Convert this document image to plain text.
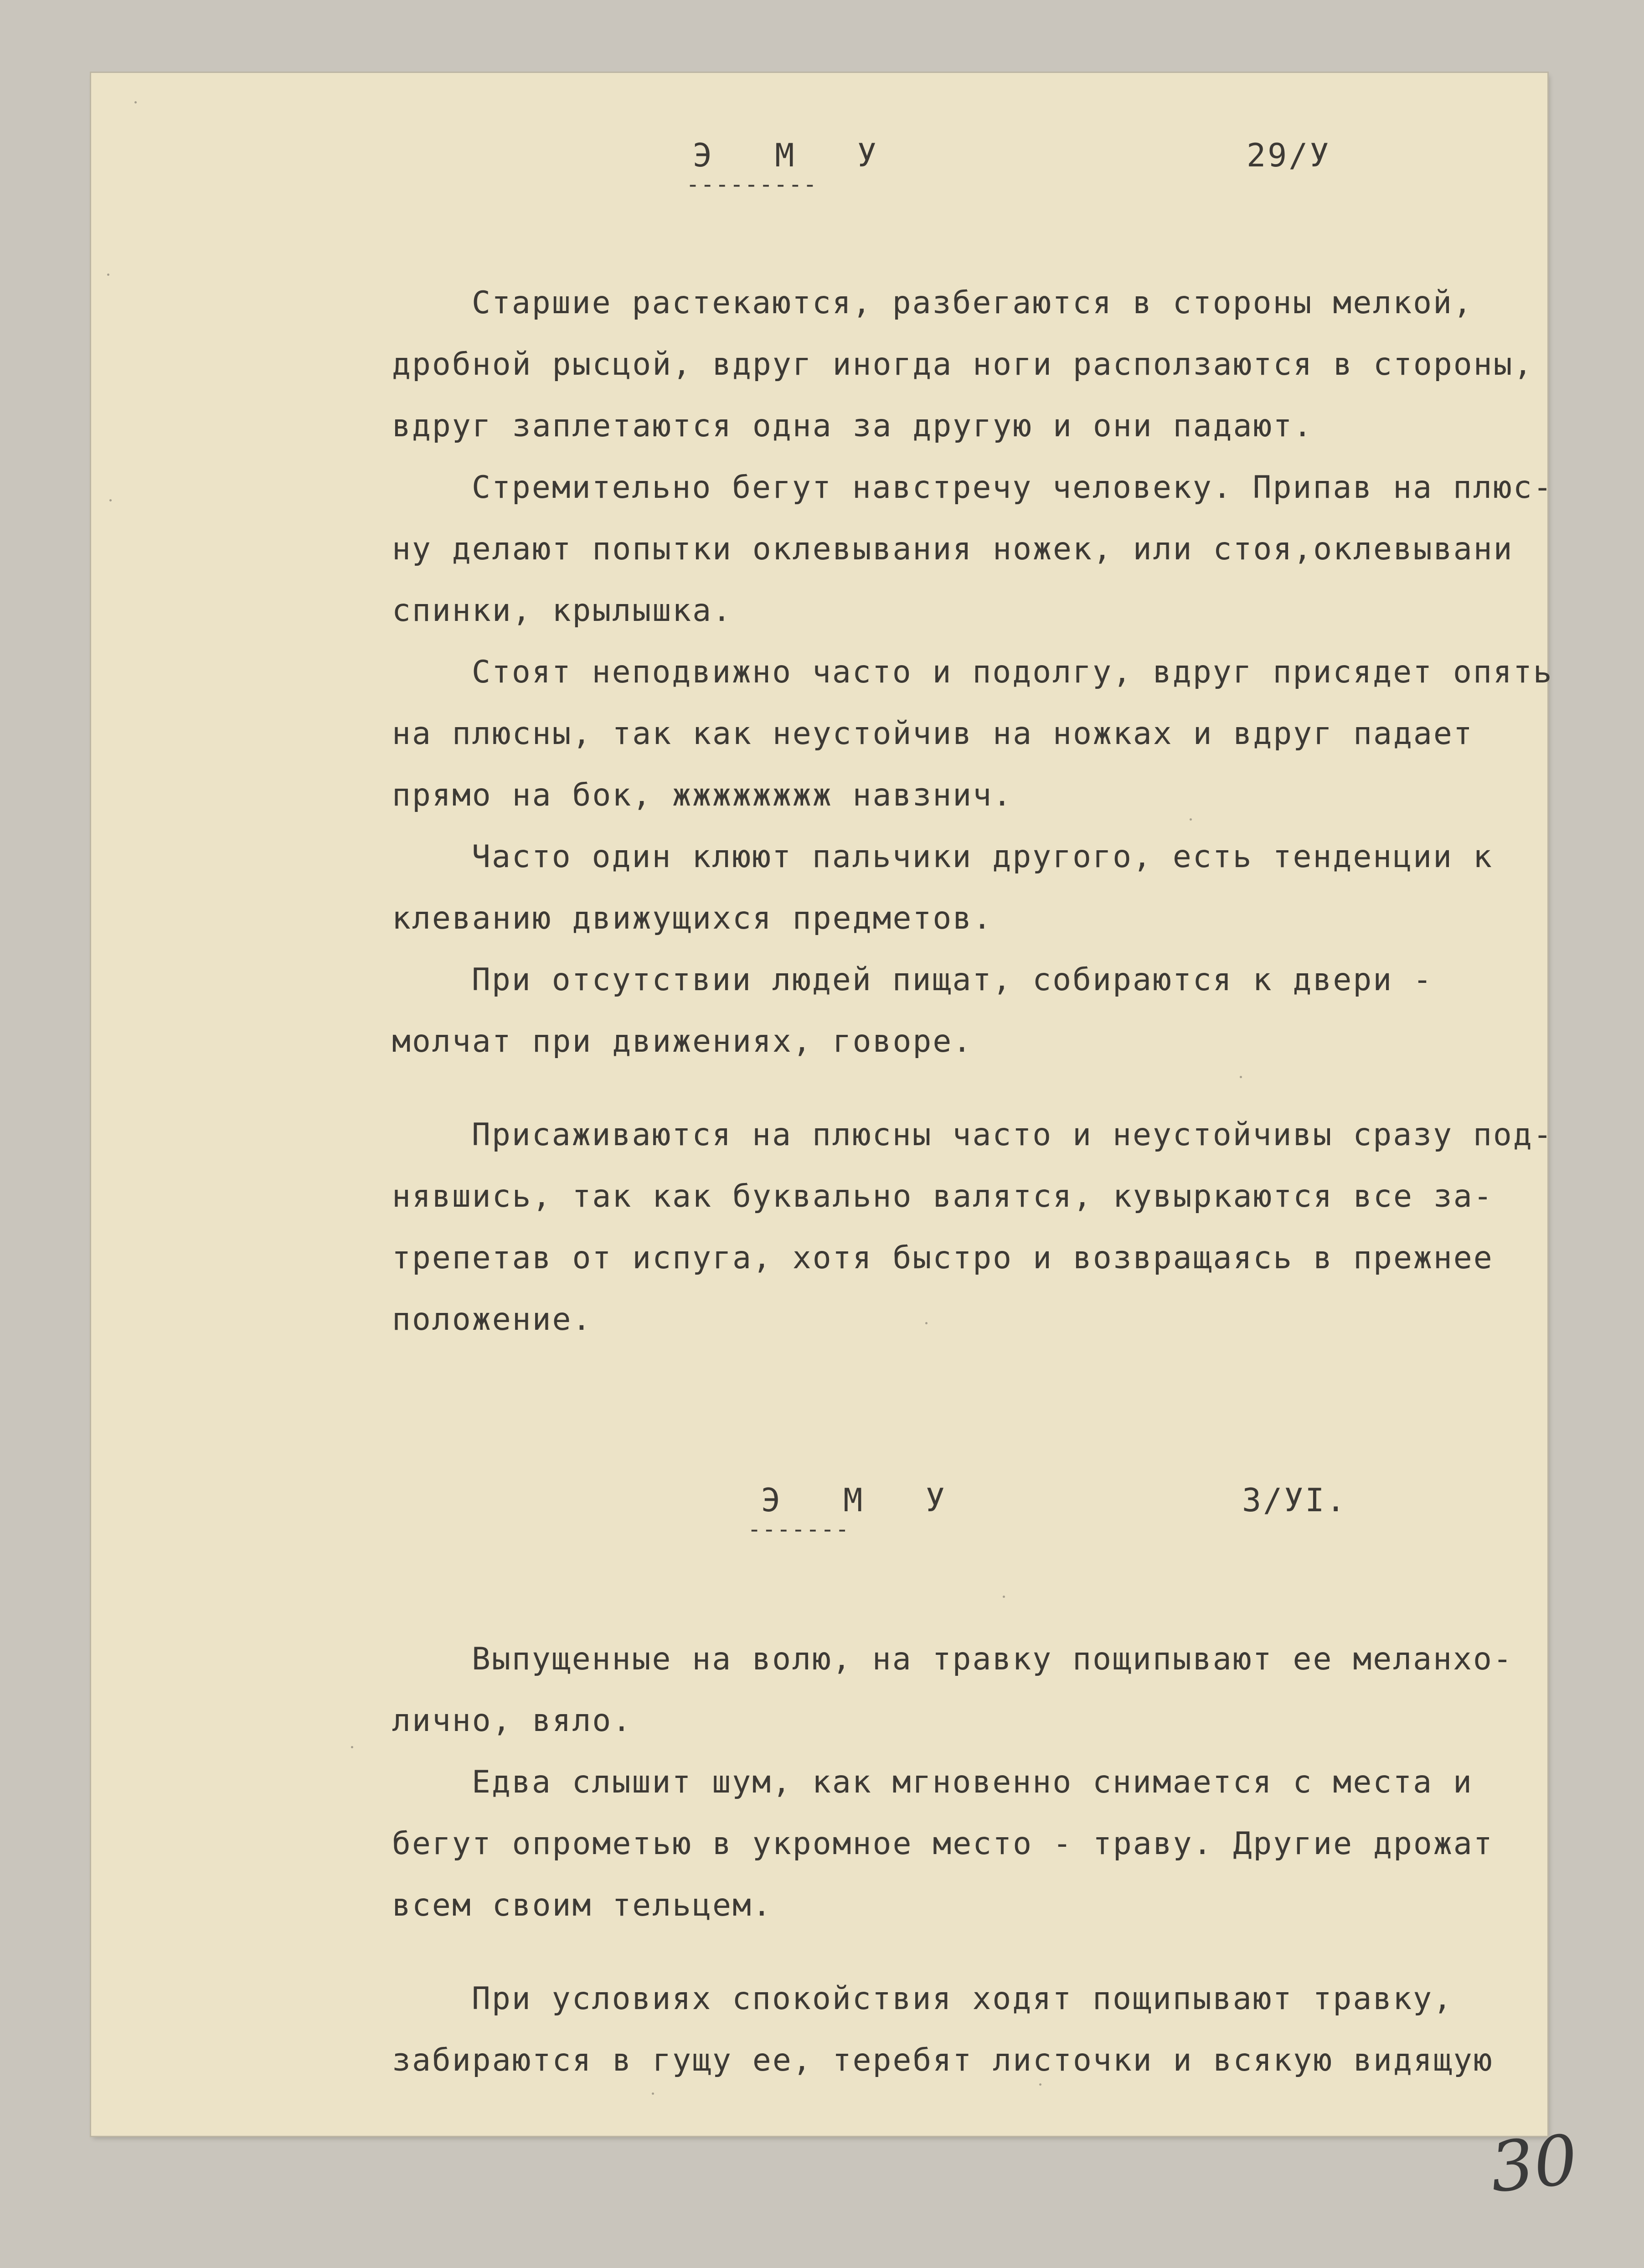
Э М У	29/У
---------
Старшие растекаются, разбегаются в стороны мелкой,
дробной рысцой, вдруг иногда ноги расползаются в стороны,
вдруг заплетаются одна за другую и они падают.
Стремительно бегут навстречу человеку. Припав на плюс-
ну делают попытки оклевывания ножек, или стоя,оклевывани
спинки, крылышка.
Стоят неподвижно часто и подолгу, вдруг присядет опять
на плюсны, так как неустойчив на ножках и вдруг падает
прямо на бок, жжжжжжжж навзнич.
Часто один клюют пальчики другого, есть тенденции к
клеванию движущихся предметов.
При отсутствии людей пищат, собираются к двери -
молчат при движениях, говоре.
Присаживаются на плюсны часто и неустойчивы сразу под-
нявшись, так как буквально валятся, кувыркаются все за-
трепетав от испуга, хотя быстро и возвращаясь в прежнее
положение.
Э М У	3/УI.
-------
Выпущенные на волю, на травку пощипывают ее меланхо-
лично, вяло.
Едва слышит шум, как мгновенно снимается с места и
бегут опрометью в укромное место - траву. Другие дрожат
всем своим тельцем.
При условиях спокойствия ходят пощипывают травку,
забираются в гущу ее, теребят листочки и всякую видящую
30
